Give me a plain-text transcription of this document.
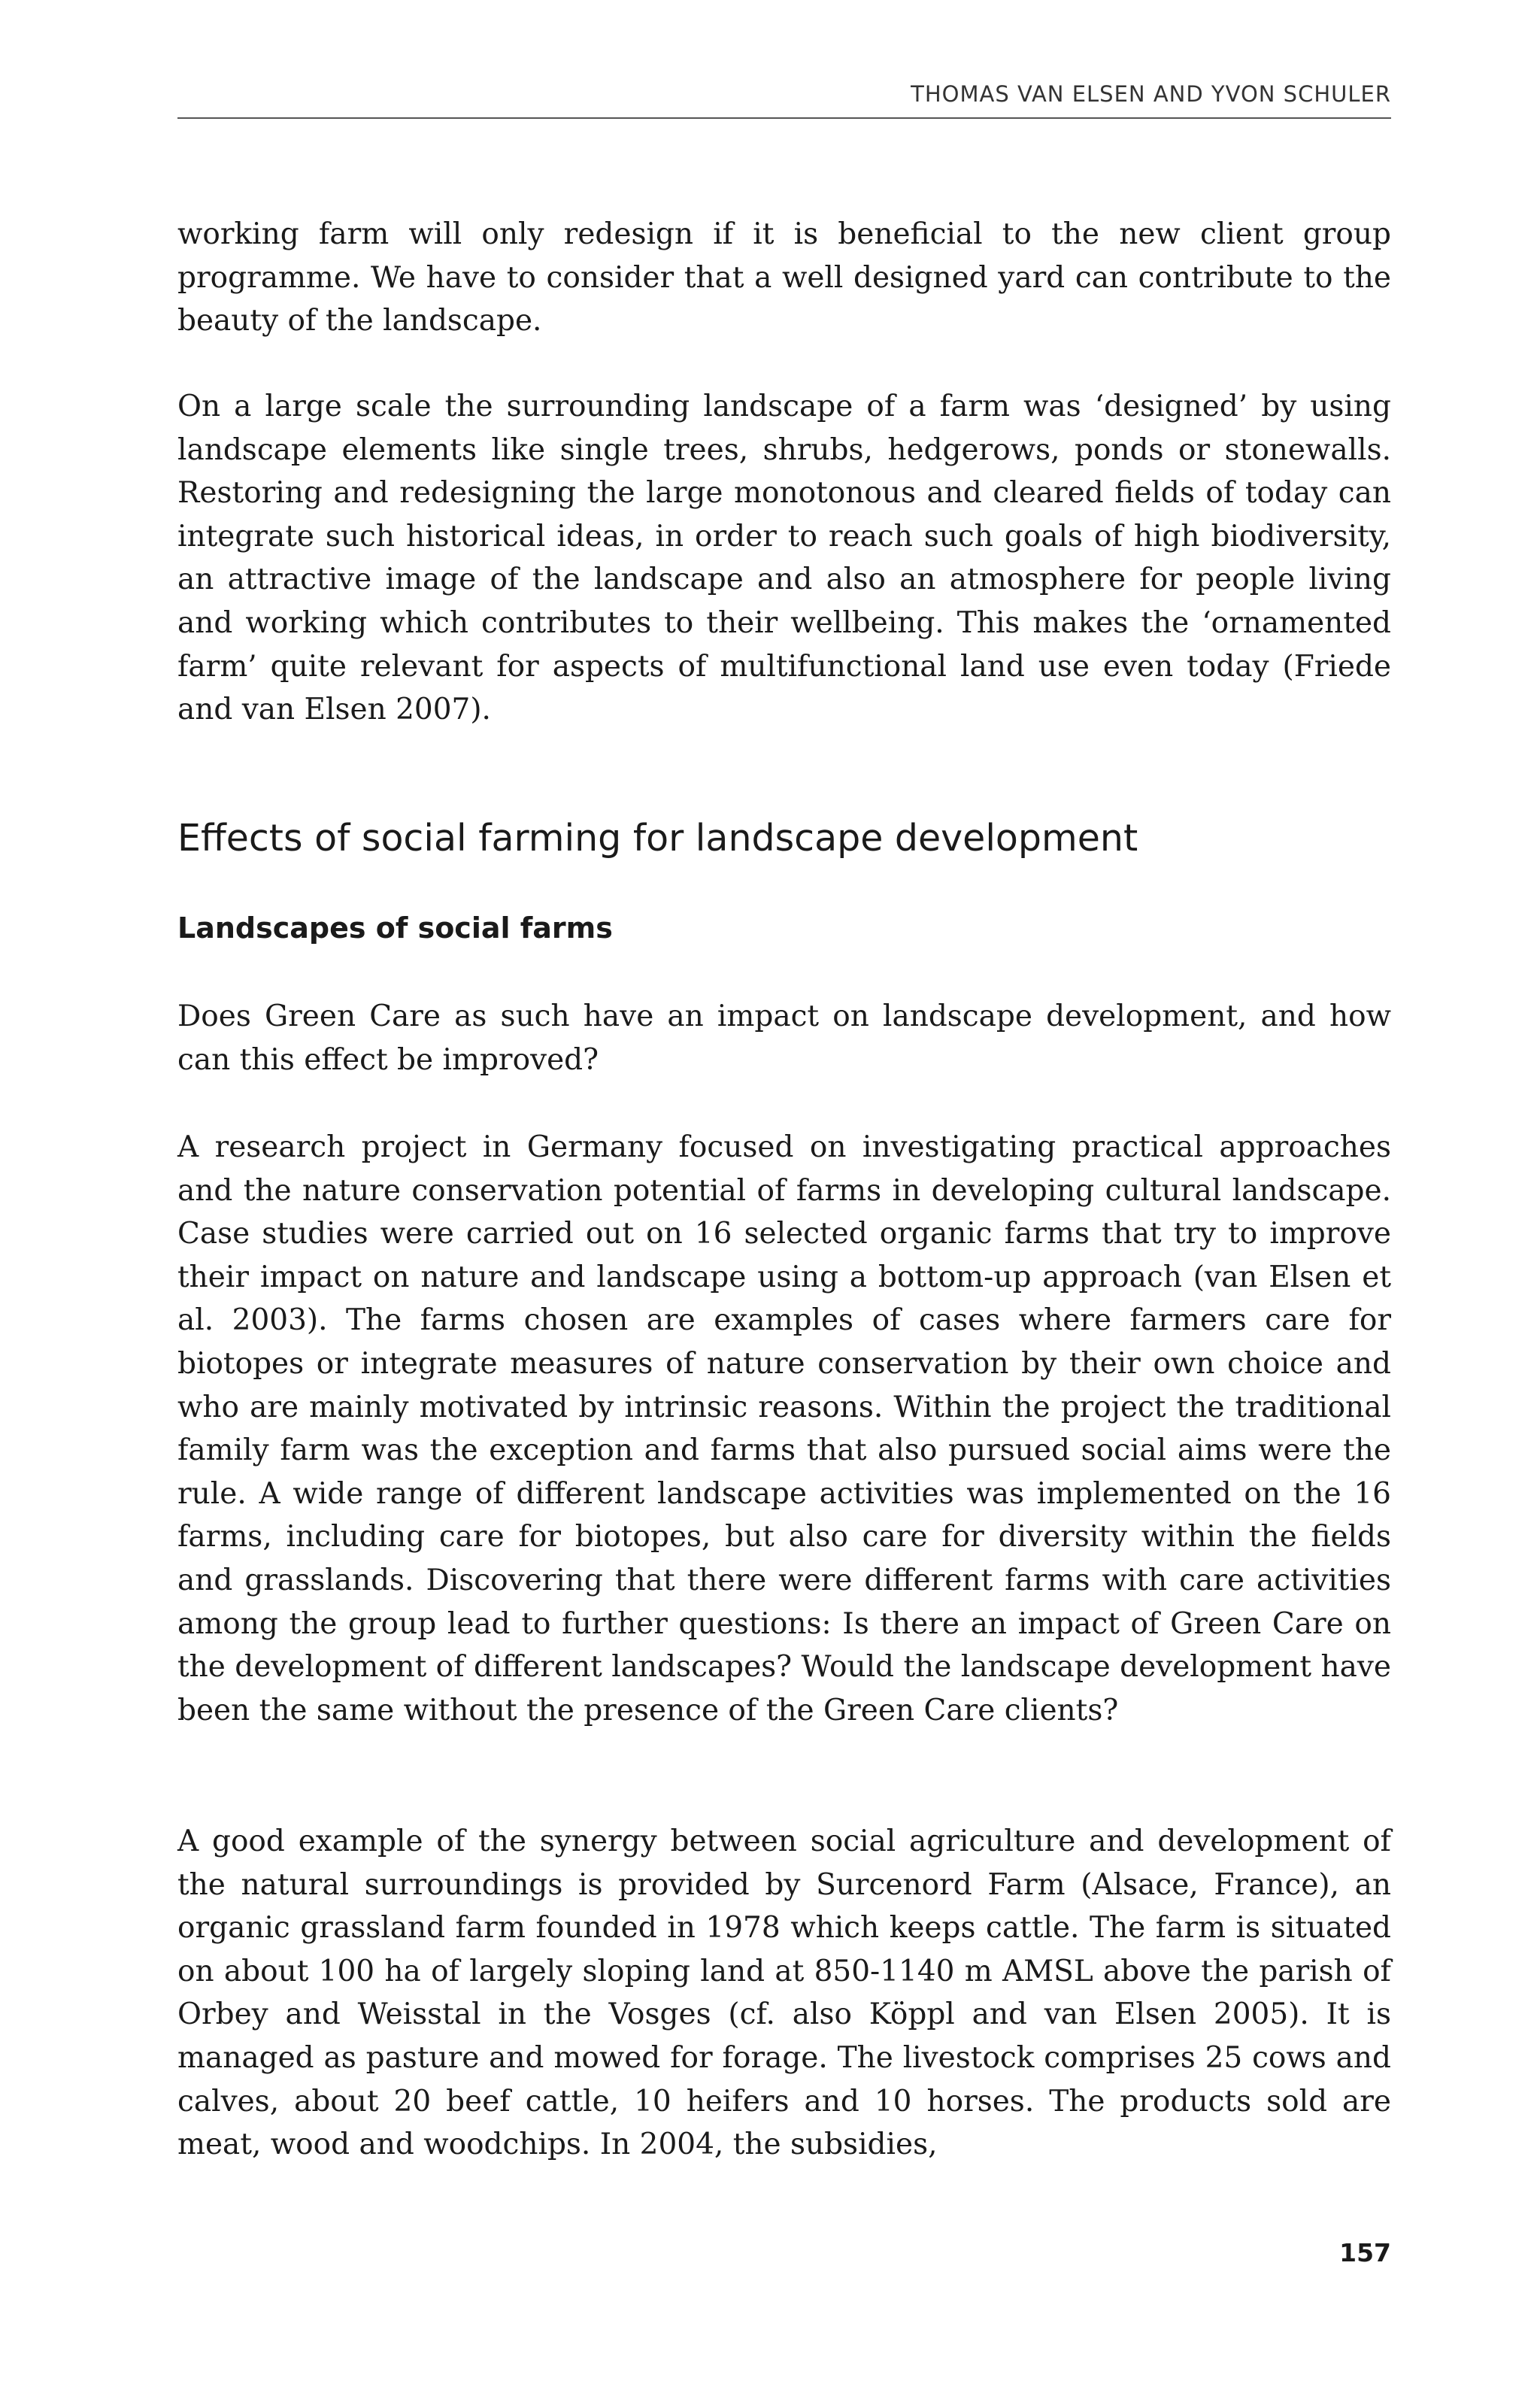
THOMAS VAN ELSEN AND YVON SCHULER

working farm will only redesign if it is beneficial to the new client group programme. We have to consider that a well designed yard can contribute to the beauty of the landscape.

On a large scale the surrounding landscape of a farm was ‘designed’ by using landscape elements like single trees, shrubs, hedgerows, ponds or stonewalls. Restoring and redesigning the large monotonous and cleared fields of today can integrate such historical ideas, in order to reach such goals of high biodiversity, an attractive image of the landscape and also an atmosphere for people living and working which contributes to their wellbeing. This makes the ‘ornamented farm’ quite relevant for aspects of multifunctional land use even today (Friede and van Elsen 2007).

Effects of social farming for landscape development
Landscapes of social farms

Does Green Care as such have an impact on landscape development, and how can this effect be improved?

A research project in Germany focused on investigating practical approaches and the nature conservation potential of farms in developing cultural landscape. Case studies were carried out on 16 selected organic farms that try to improve their impact on nature and landscape using a bottom-up approach (van Elsen et al. 2003). The farms chosen are examples of cases where farmers care for biotopes or integrate measures of nature conservation by their own choice and who are mainly motivated by intrinsic reasons. Within the project the traditional family farm was the exception and farms that also pursued social aims were the rule. A wide range of different landscape activities was implemented on the 16 farms, including care for biotopes, but also care for diversity within the fields and grasslands. Discovering that there were different farms with care activities among the group lead to further questions: Is there an impact of Green Care on the development of different landscapes? Would the landscape development have been the same without the presence of the Green Care clients?

A good example of the synergy between social agriculture and development of the natural surroundings is provided by Surcenord Farm (Alsace, France), an organic grassland farm founded in 1978 which keeps cattle. The farm is situated on about 100 ha of largely sloping land at 850-1140 m AMSL above the parish of Orbey and Weisstal in the Vosges (cf. also Köppl and van Elsen 2005). It is managed as pasture and mowed for forage. The livestock comprises 25 cows and calves, about 20 beef cattle, 10 heifers and 10 horses. The products sold are meat, wood and woodchips. In 2004, the subsidies,

157
